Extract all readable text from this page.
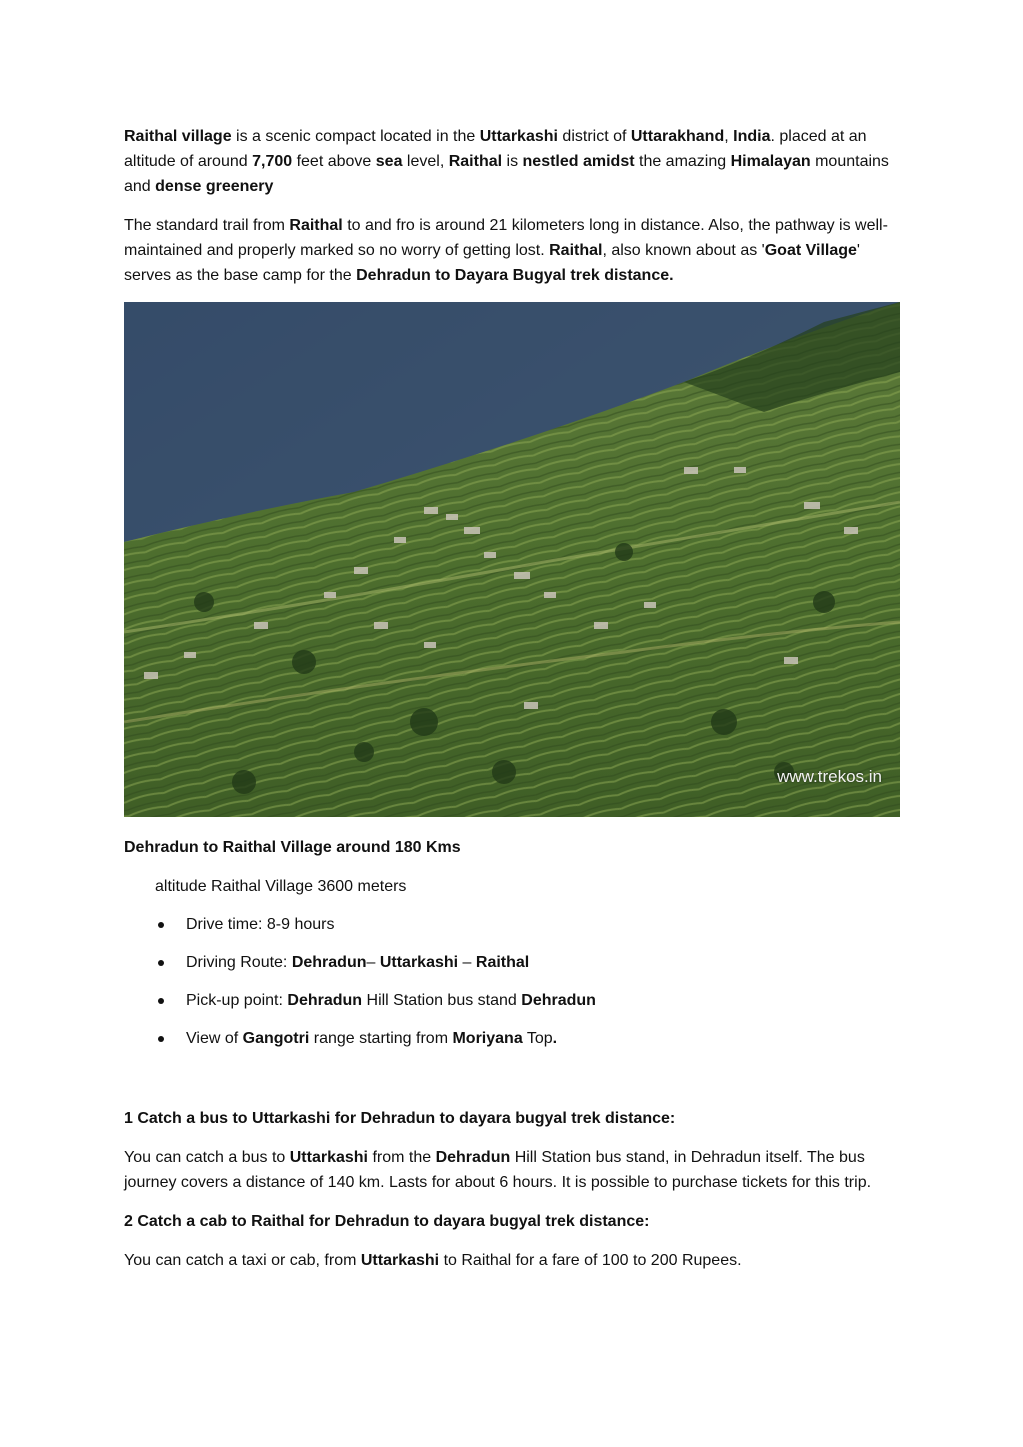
Raithal village is a scenic compact located in the Uttarkashi district of Uttarakhand, India. placed at an altitude of around 7,700 feet above sea level, Raithal is nestled amidst the amazing Himalayan mountains and dense greenery

The standard trail from Raithal to and fro is around 21 kilometers long in distance. Also, the pathway is well-maintained and properly marked so no worry of getting lost. Raithal, also known about as 'Goat Village' serves as the base camp for the Dehradun to Dayara Bugyal trek distance.

www.trekos.in

Dehradun to Raithal Village around 180 Kms

altitude Raithal Village 3600 meters

Drive time: 8-9 hours
Driving Route: Dehradun– Uttarkashi – Raithal
Pick-up point: Dehradun Hill Station bus stand Dehradun
View of Gangotri range starting from Moriyana Top.

1 Catch a bus to Uttarkashi for Dehradun to dayara bugyal trek distance:

You can catch a bus to Uttarkashi from the Dehradun Hill Station bus stand, in Dehradun itself. The bus journey covers a distance of 140 km. Lasts for about 6 hours. It is possible to purchase tickets for this trip.

2 Catch a cab to Raithal for Dehradun to dayara bugyal trek distance:

You can catch a taxi or cab, from Uttarkashi to Raithal for a fare of 100 to 200 Rupees.
